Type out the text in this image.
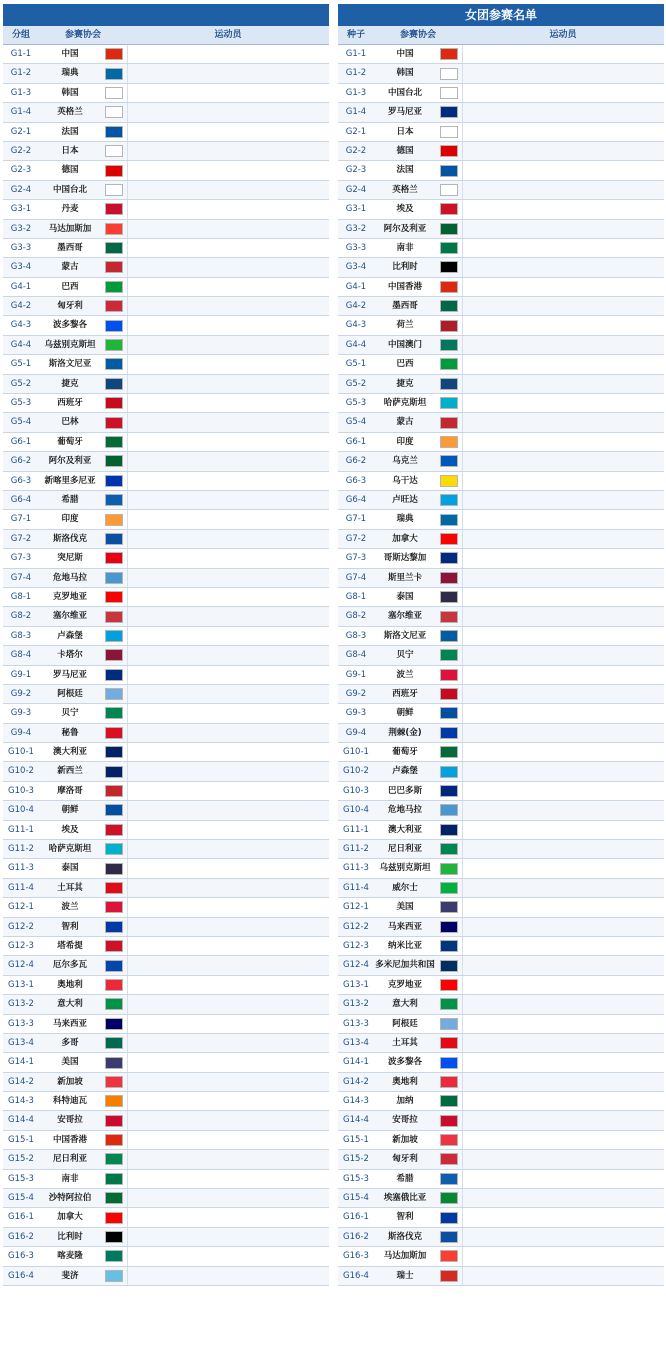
分组	参赛协会	运动员
G1-1	中国
G1-2	瑞典
G1-3	韩国
G1-4	英格兰
G2-1	法国
G2-2	日本
G2-3	德国
G2-4	中国台北
G3-1	丹麦
G3-2	马达加斯加
G3-3	墨西哥
G3-4	蒙古
G4-1	巴西
G4-2	匈牙利
G4-3	波多黎各
G4-4	乌兹别克斯坦
G5-1	斯洛文尼亚
G5-2	捷克
G5-3	西班牙
G5-4	巴林
G6-1	葡萄牙
G6-2	阿尔及利亚
G6-3	新喀里多尼亚
G6-4	希腊
G7-1	印度
G7-2	斯洛伐克
G7-3	突尼斯
G7-4	危地马拉
G8-1	克罗地亚
G8-2	塞尔维亚
G8-3	卢森堡
G8-4	卡塔尔
G9-1	罗马尼亚
G9-2	阿根廷
G9-3	贝宁
G9-4	秘鲁
G10-1	澳大利亚
G10-2	新西兰
G10-3	摩洛哥
G10-4	朝鲜
G11-1	埃及
G11-2	哈萨克斯坦
G11-3	泰国
G11-4	土耳其
G12-1	波兰
G12-2	智利
G12-3	塔希提
G12-4	厄尔多瓦
G13-1	奥地利
G13-2	意大利
G13-3	马来西亚
G13-4	多哥
G14-1	美国
G14-2	新加坡
G14-3	科特迪瓦
G14-4	安哥拉
G15-1	中国香港
G15-2	尼日利亚
G15-3	南非
G15-4	沙特阿拉伯
G16-1	加拿大
G16-2	比利时
G16-3	喀麦隆
G16-4	斐济
女团参赛名单
种子	参赛协会	运动员
G1-1	中国
G1-2	韩国
G1-3	中国台北
G1-4	罗马尼亚
G2-1	日本
G2-2	德国
G2-3	法国
G2-4	英格兰
G3-1	埃及
G3-2	阿尔及利亚
G3-3	南非
G3-4	比利时
G4-1	中国香港
G4-2	墨西哥
G4-3	荷兰
G4-4	中国澳门
G5-1	巴西
G5-2	捷克
G5-3	哈萨克斯坦
G5-4	蒙古
G6-1	印度
G6-2	乌克兰
G6-3	乌干达
G6-4	卢旺达
G7-1	瑞典
G7-2	加拿大
G7-3	哥斯达黎加
G7-4	斯里兰卡
G8-1	泰国
G8-2	塞尔维亚
G8-3	斯洛文尼亚
G8-4	贝宁
G9-1	波兰
G9-2	西班牙
G9-3	朝鲜
G9-4	荆棘(金)
G10-1	葡萄牙
G10-2	卢森堡
G10-3	巴巴多斯
G10-4	危地马拉
G11-1	澳大利亚
G11-2	尼日利亚
G11-3	乌兹别克斯坦
G11-4	威尔士
G12-1	美国
G12-2	马来西亚
G12-3	纳米比亚
G12-4 多米尼加共和国
G13-1	克罗地亚
G13-2	意大利
G13-3	阿根廷
G13-4	土耳其
G14-1	波多黎各
G14-2	奥地利
G14-3	加纳
G14-4	安哥拉
G15-1	新加坡
G15-2	匈牙利
G15-3	希腊
G15-4	埃塞俄比亚
G16-1	智利
G16-2	斯洛伐克
G16-3	马达加斯加
G16-4	瑞士
